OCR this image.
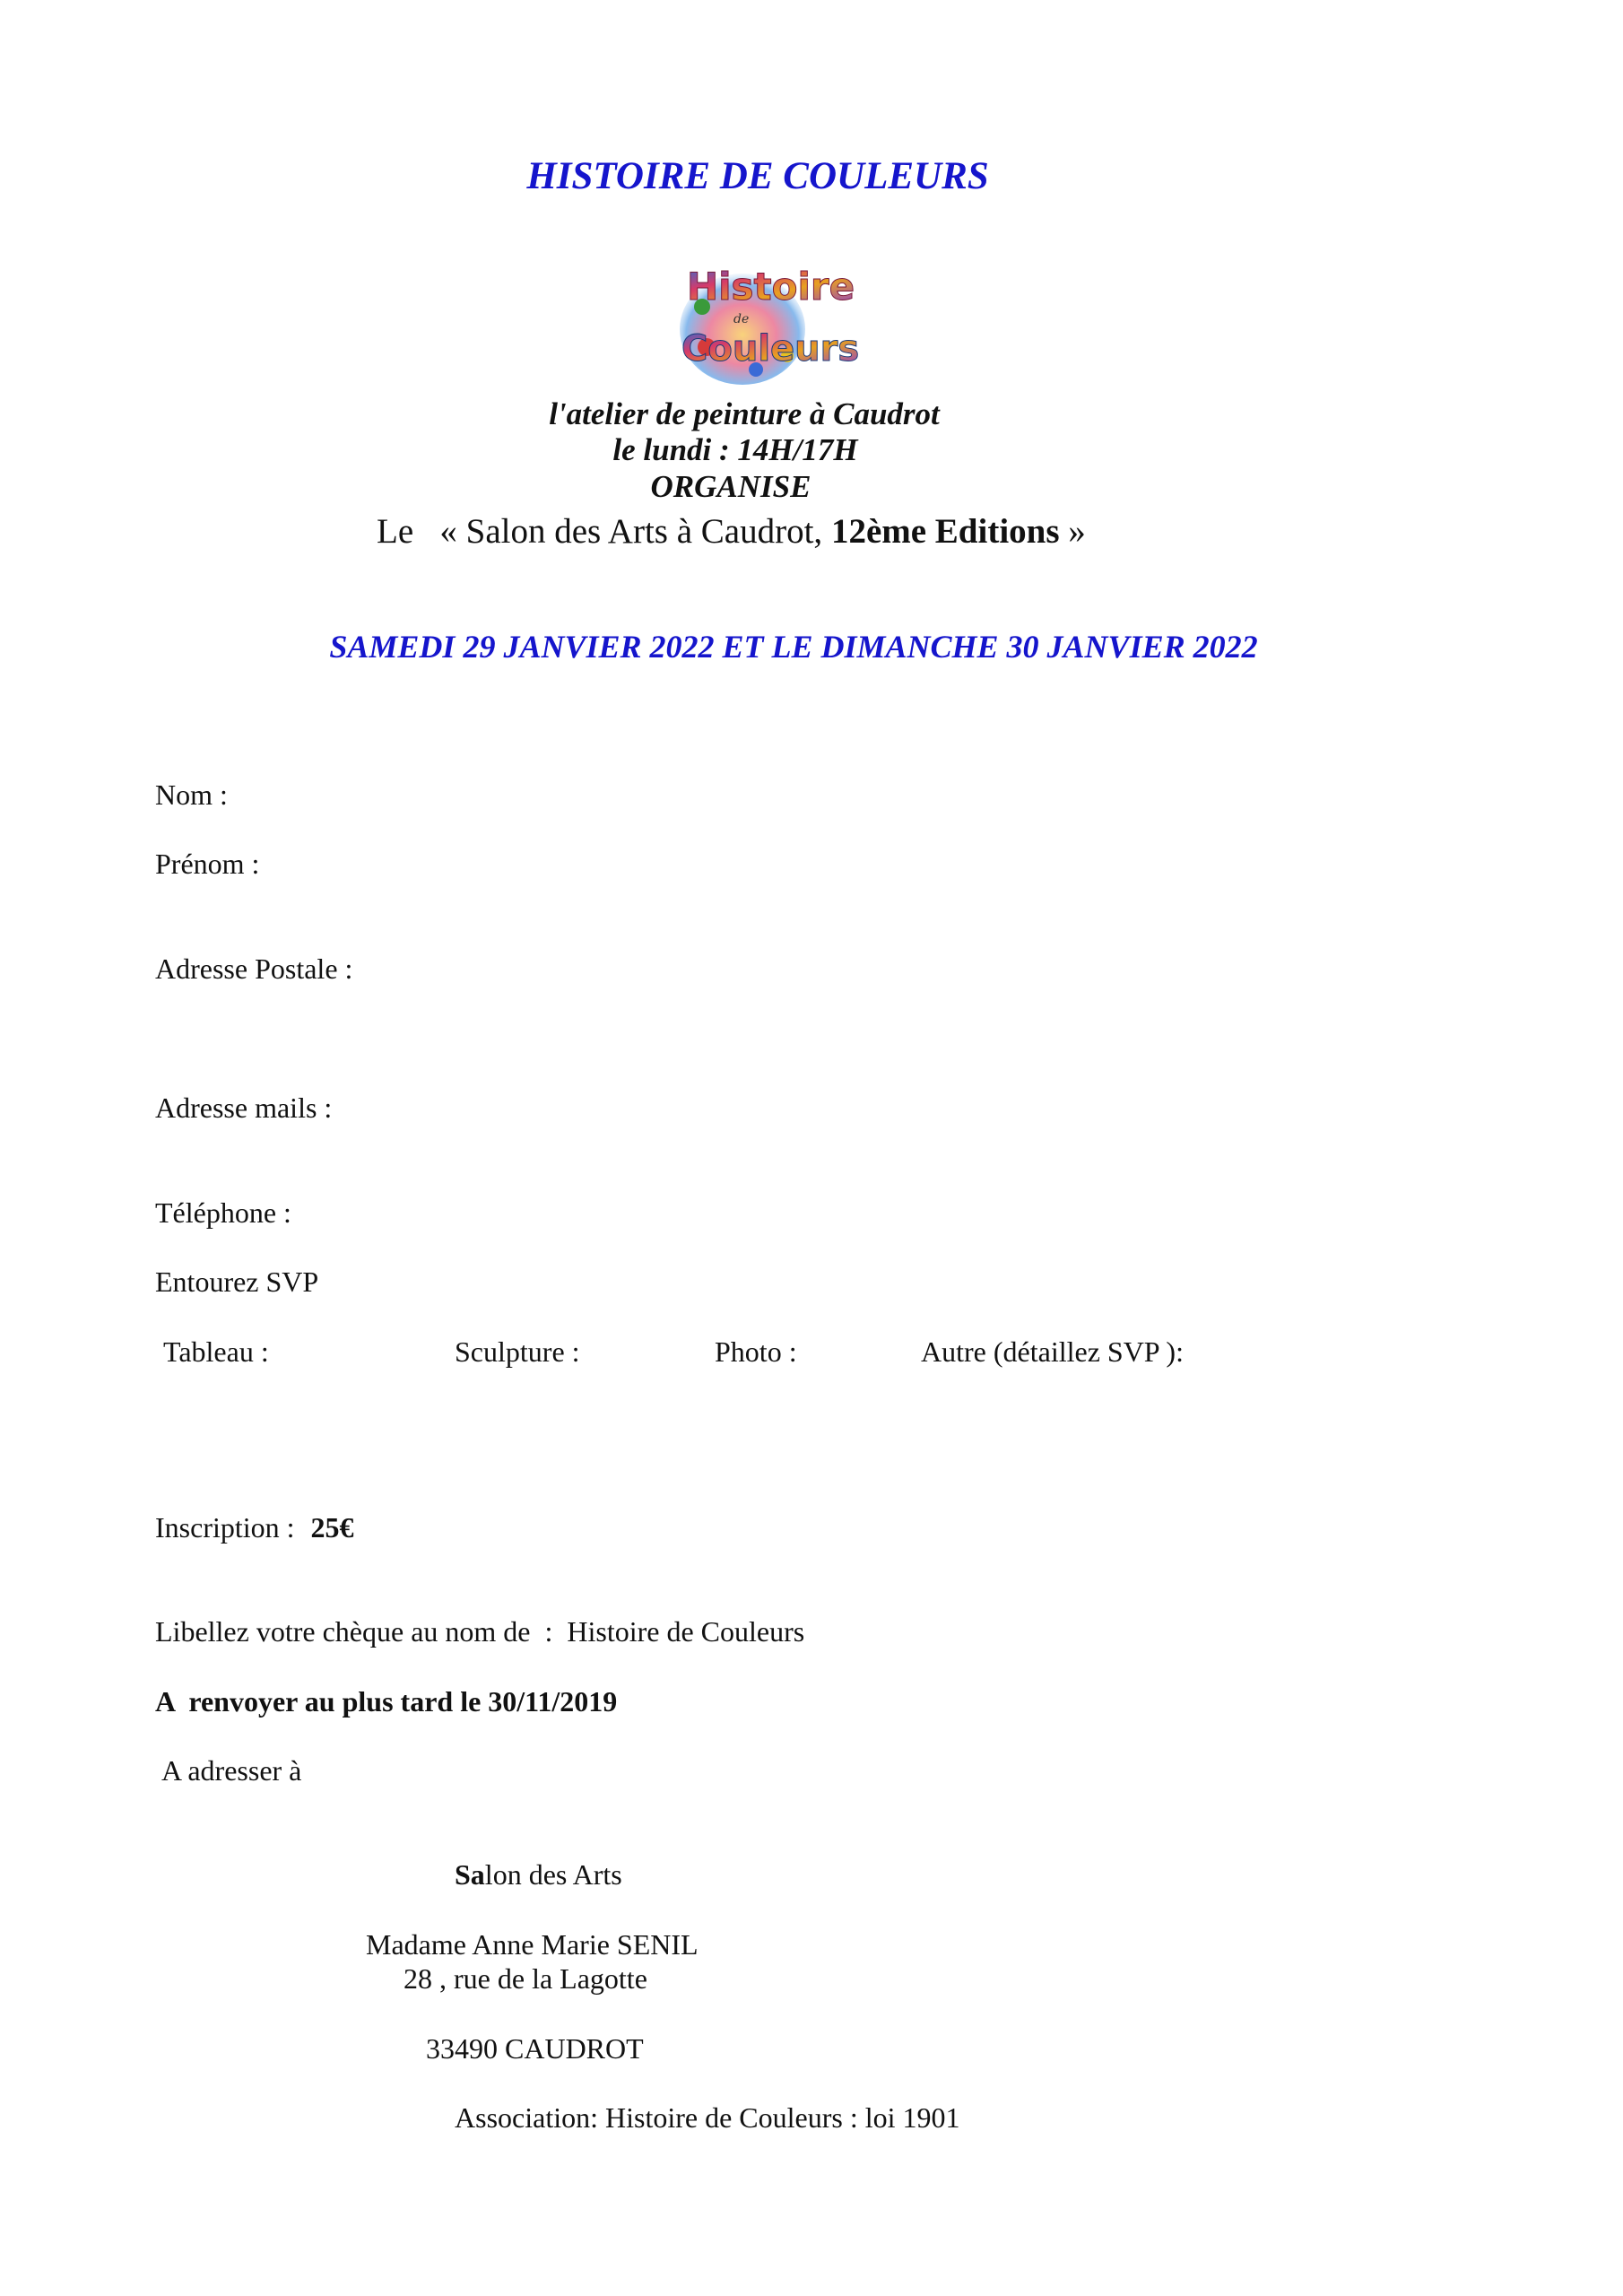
HISTOIRE DE COULEURS
Histoire
de
Couleurs
l'atelier de peinture à Caudrot
le lundi : 14H/17H
ORGANISE
Le   « Salon des Arts à Caudrot, 12ème Editions »
SAMEDI 29 JANVIER 2022 ET LE DIMANCHE 30 JANVIER 2022
Nom :
Prénom :
Adresse Postale :
Adresse mails :
Téléphone :
Entourez SVP
Tableau :	Sculpture :	Photo :	Autre (détaillez SVP ):
Inscription : 25€
Libellez votre chèque au nom de  :  Histoire de Couleurs
A  renvoyer au plus tard le 30/11/2019
A adresser à
Salon des Arts
Madame Anne Marie SENIL
28 , rue de la Lagotte
33490 CAUDROT
Association: Histoire de Couleurs : loi 1901
